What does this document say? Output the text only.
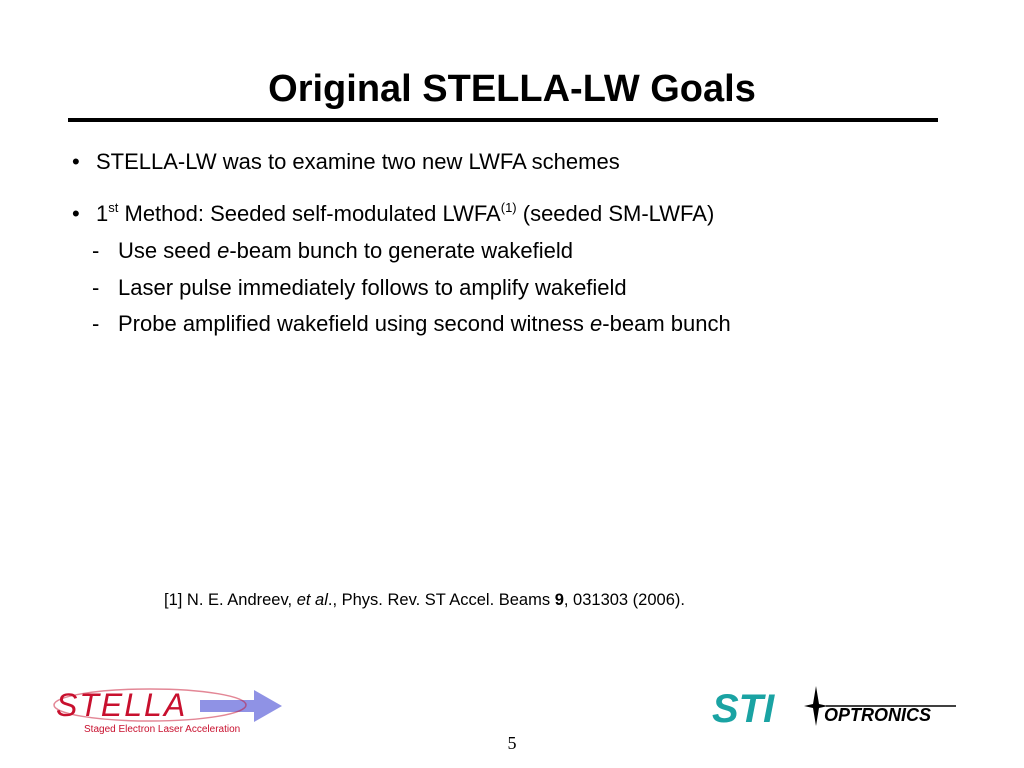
Original STELLA-LW Goals
• STELLA-LW was to examine two new LWFA schemes
• 1st Method: Seeded self-modulated LWFA$^{(1)}$ (seeded SM-LWFA)
- Use seed e-beam bunch to generate wakefield
- Laser pulse immediately follows to amplify wakefield
- Probe amplified wakefield using second witness e-beam bunch
[1] N. E. Andreev, et al., Phys. Rev. ST Accel. Beams 9, 031303 (2006).
STELLA
Staged Electron Laser Acceleration	STI	OPTRONICS
5
